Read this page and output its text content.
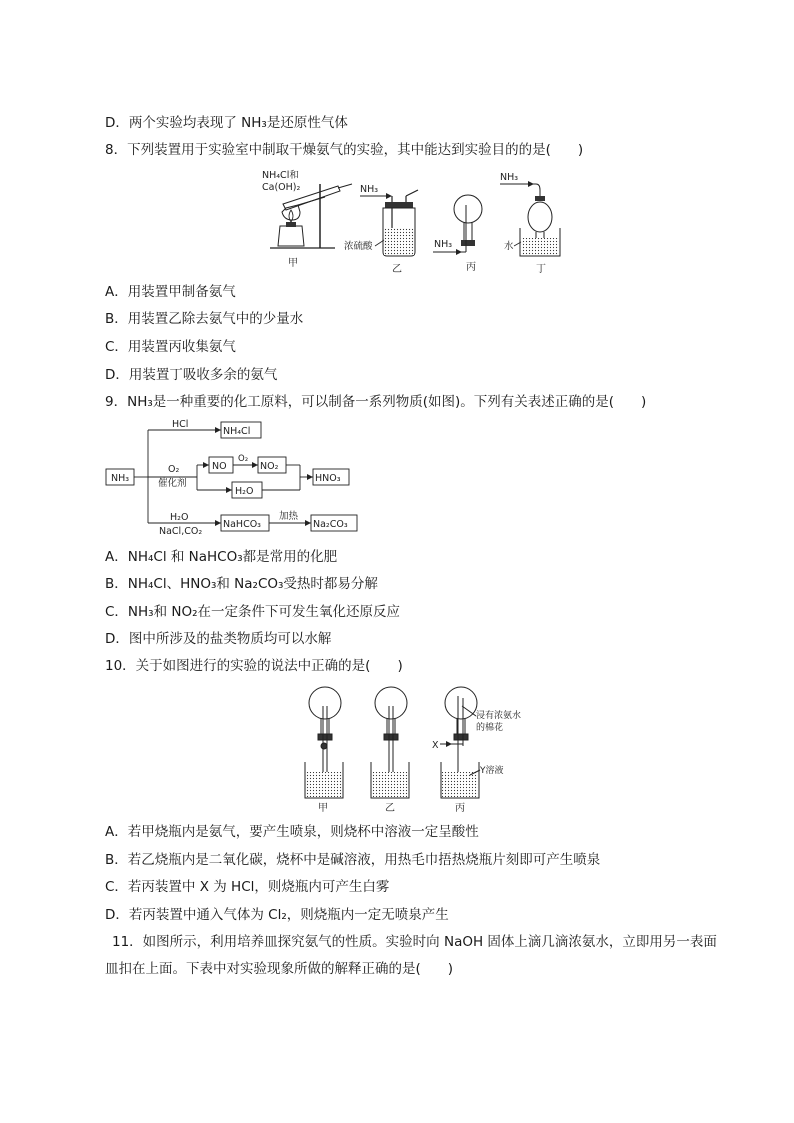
D．两个实验均表现了 NH₃是还原性气体
8．下列装置用于实验室中制取干燥氨气的实验，其中能达到实验目的的是(　　)
NH₄Cl和
Ca(OH)₂
甲
NH₃
浓硫酸
乙
NH₃
丙
NH₃
水
丁
A．用装置甲制备氨气
B．用装置乙除去氨气中的少量水
C．用装置丙收集氨气
D．用装置丁吸收多余的氨气
9．NH₃是一种重要的化工原料，可以制备一系列物质(如图)。下列有关表述正确的是(　　)
NH₃
HCl
NH₄Cl
O₂
催化剂
NO
O₂
NO₂
H₂O
HNO₃
H₂O
NaCl,CO₂
NaHCO₃
加热
Na₂CO₃
A．NH₄Cl 和 NaHCO₃都是常用的化肥
B．NH₄Cl、HNO₃和 Na₂CO₃受热时都易分解
C．NH₃和 NO₂在一定条件下可发生氧化还原反应
D．图中所涉及的盐类物质均可以水解
10．关于如图进行的实验的说法中正确的是(　　)
甲	乙
浸有浓氨水
的棉花
X
Y溶液
丙
A．若甲烧瓶内是氨气，要产生喷泉，则烧杯中溶液一定呈酸性
B．若乙烧瓶内是二氧化碳，烧杯中是碱溶液，用热毛巾捂热烧瓶片刻即可产生喷泉
C．若丙装置中 X 为 HCl，则烧瓶内可产生白雾
D．若丙装置中通入气体为 Cl₂，则烧瓶内一定无喷泉产生
11．如图所示，利用培养皿探究氨气的性质。实验时向 NaOH 固体上滴几滴浓氨水，立即用另一表面
皿扣在上面。下表中对实验现象所做的解释正确的是(　　)
